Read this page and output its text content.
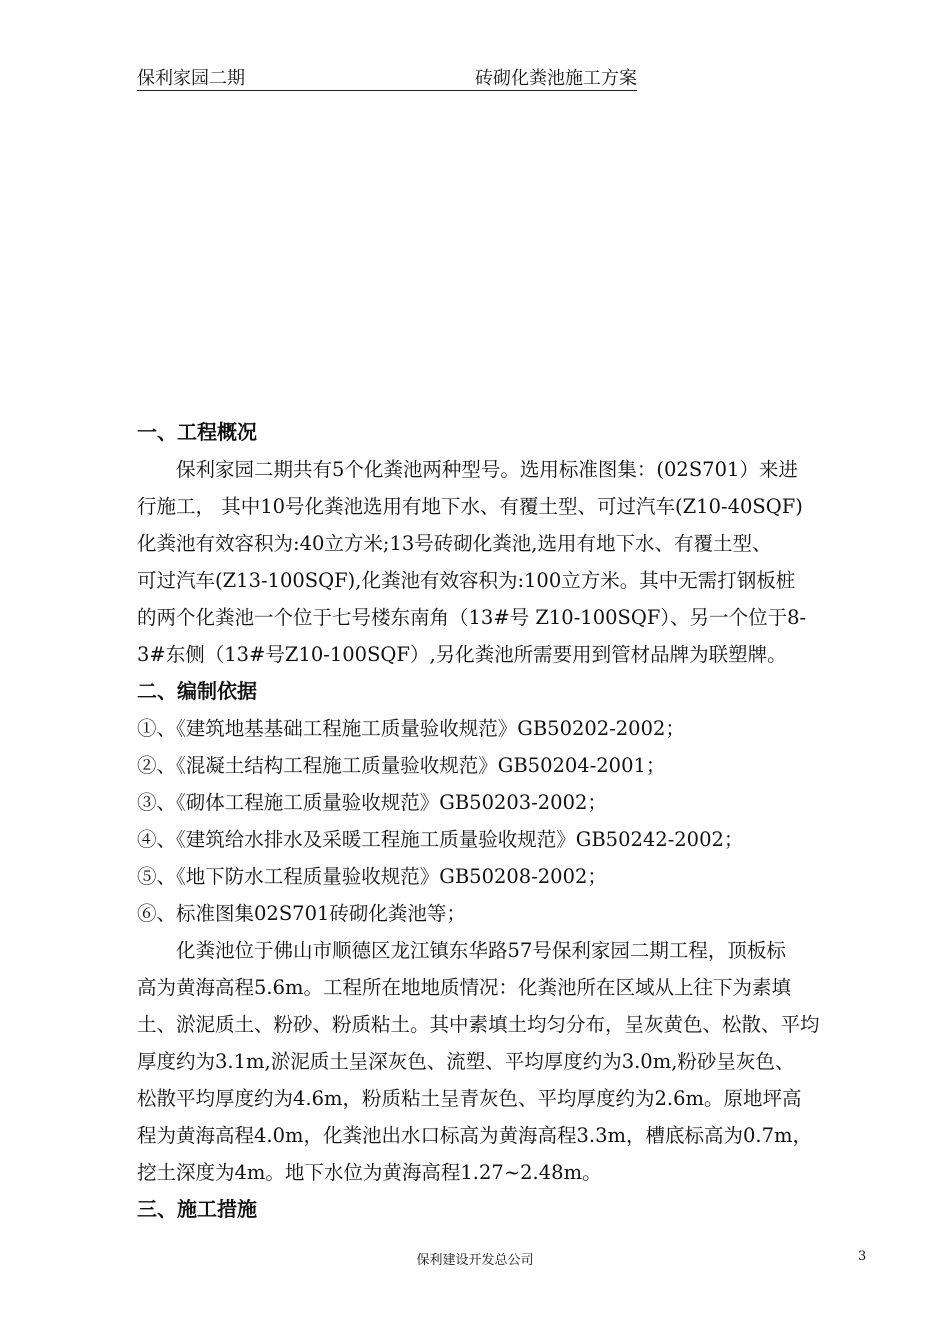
保利家园二期	砖砌化粪池施工方案
一、工程概况
　　保利家园二期共有5个化粪池两种型号。选用标准图集：(02S701）来进
行施工， 其中10号化粪池选用有地下水、有覆土型、可过汽车(Z10-40SQF)
化粪池有效容积为:40立方米;13号砖砌化粪池,选用有地下水、有覆土型、
可过汽车(Z13-100SQF),化粪池有效容积为:100立方米。其中无需打钢板桩
的两个化粪池一个位于七号楼东南角（13#号 Z10-100SQF）、另一个位于8-
3#东侧（13#号Z10-100SQF）,另化粪池所需要用到管材品牌为联塑牌。
二、编制依据
①、《建筑地基基础工程施工质量验收规范》GB50202-2002；
②、《混凝土结构工程施工质量验收规范》GB50204-2001；
③、《砌体工程施工质量验收规范》GB50203-2002；
④、《建筑给水排水及采暖工程施工质量验收规范》GB50242-2002；
⑤、《地下防水工程质量验收规范》GB50208-2002；
⑥、标准图集02S701砖砌化粪池等；
　　化粪池位于佛山市顺德区龙江镇东华路57号保利家园二期工程，顶板标
高为黄海高程5.6m。工程所在地地质情况：化粪池所在区域从上往下为素填
土、淤泥质土、粉砂、粉质粘土。其中素填土均匀分布，呈灰黄色、松散、平均
厚度约为3.1m,淤泥质土呈深灰色、流塑、平均厚度约为3.0m,粉砂呈灰色、
松散平均厚度约为4.6m，粉质粘土呈青灰色、平均厚度约为2.6m。原地坪高
程为黄海高程4.0m，化粪池出水口标高为黄海高程3.3m，槽底标高为0.7m，
挖土深度为4m。地下水位为黄海高程1.27~2.48m。
三、施工措施
保利建设开发总公司	3
